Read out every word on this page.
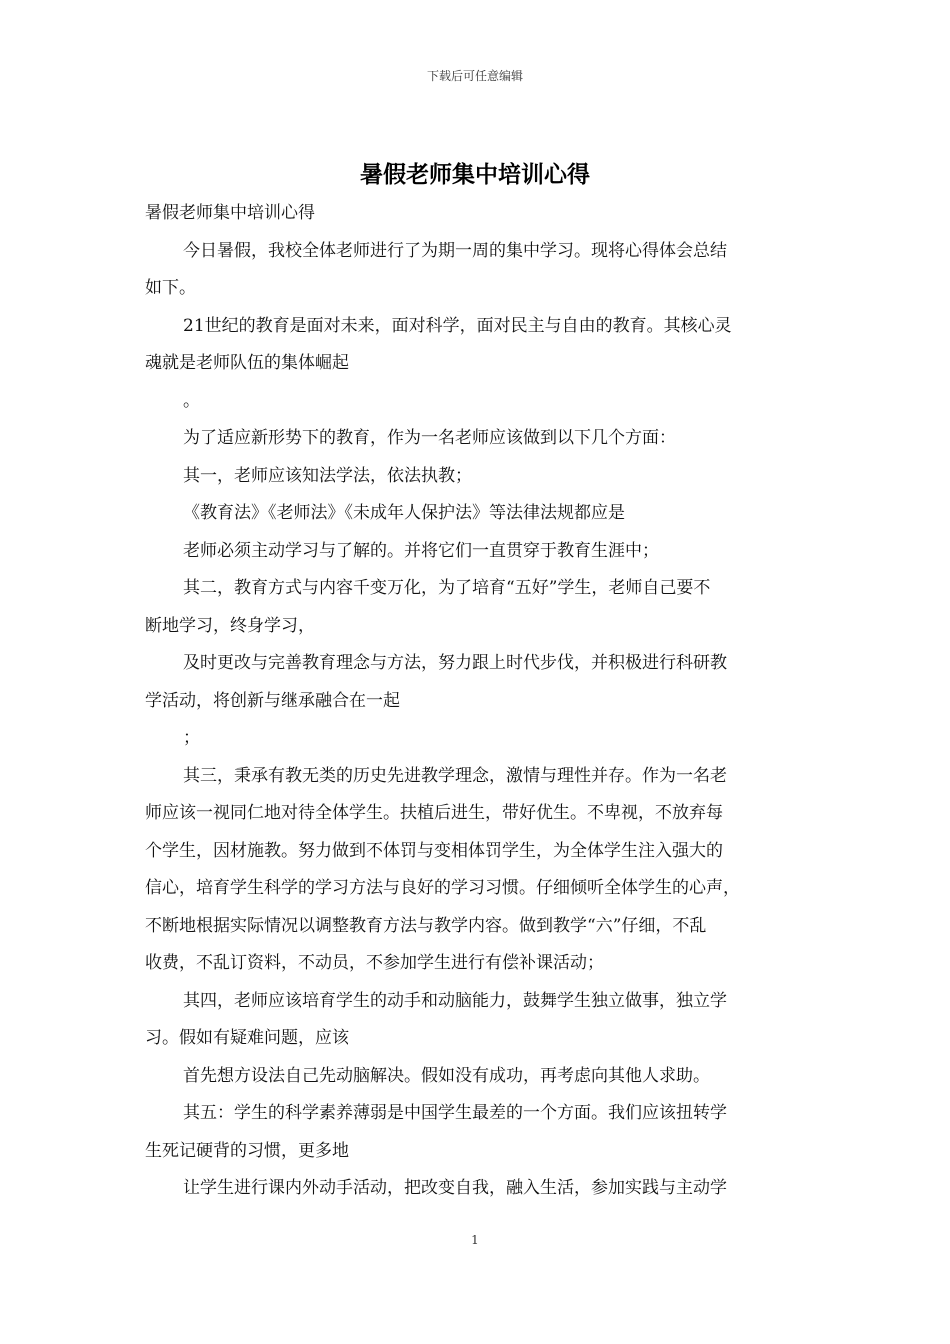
下载后可任意编辑
暑假老师集中培训心得

暑假老师集中培训心得

今日暑假，我校全体老师进行了为期一周的集中学习。现将心得体会总结

如下。

21世纪的教育是面对未来，面对科学，面对民主与自由的教育。其核心灵

魂就是老师队伍的集体崛起

。

为了适应新形势下的教育，作为一名老师应该做到以下几个方面：

其一，老师应该知法学法，依法执教；

《教育法》《老师法》《未成年人保护法》等法律法规都应是

老师必须主动学习与了解的。并将它们一直贯穿于教育生涯中；

其二，教育方式与内容千变万化，为了培育“五好”学生，老师自己要不

断地学习，终身学习，

及时更改与完善教育理念与方法，努力跟上时代步伐，并积极进行科研教

学活动，将创新与继承融合在一起

；

其三，秉承有教无类的历史先进教学理念，激情与理性并存。作为一名老

师应该一视同仁地对待全体学生。扶植后进生，带好优生。不卑视，不放弃每

个学生，因材施教。努力做到不体罚与变相体罚学生，为全体学生注入强大的

信心，培育学生科学的学习方法与良好的学习习惯。仔细倾听全体学生的心声，

不断地根据实际情况以调整教育方法与教学内容。做到教学“六”仔细，不乱

收费，不乱订资料，不动员，不参加学生进行有偿补课活动；

其四，老师应该培育学生的动手和动脑能力，鼓舞学生独立做事，独立学

习。假如有疑难问题，应该

首先想方设法自己先动脑解决。假如没有成功，再考虑向其他人求助。

其五：学生的科学素养薄弱是中国学生最差的一个方面。我们应该扭转学

生死记硬背的习惯，更多地

让学生进行课内外动手活动，把改变自我，融入生活，参加实践与主动学

1
